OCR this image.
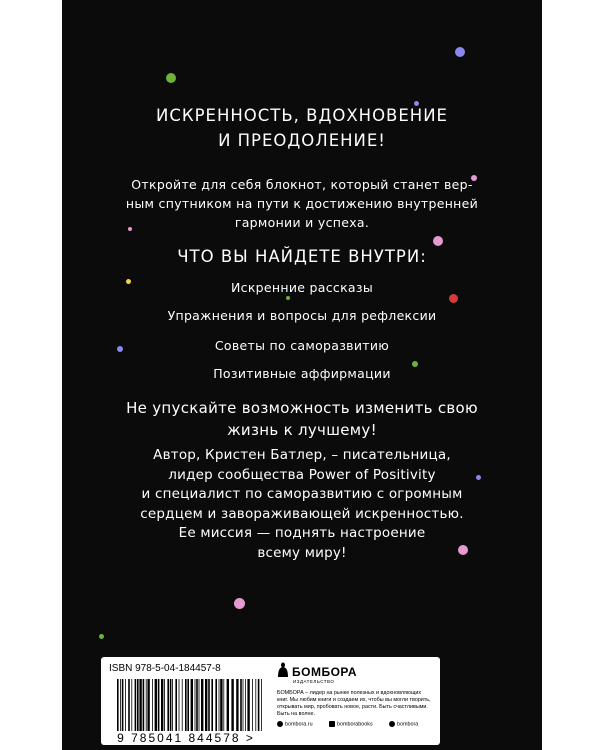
ИСКРЕННОСТЬ, ВДОХНОВЕНИЕ
И ПРЕОДОЛЕНИЕ!
Откройте для себя блокнот, который станет вер-
ным спутником на пути к достижению внутренней
гармонии и успеха.
ЧТО ВЫ НАЙДЕТЕ ВНУТРИ:
Искренние рассказы
Упражнения и вопросы для рефлексии
Советы по саморазвитию
Позитивные аффирмации
Не упускайте возможность изменить свою
жизнь к лучшему!
Автор, Кристен Батлер, – писательница,
лидер сообщества Power of Positivity
и специалист по саморазвитию с огромным
сердцем и завораживающей искренностью.
Ее миссия — поднять настроение
всему миру!
ISBN 978-5-04-184457-8
9 785041 844578 >
БОМБОРА
ИЗДАТЕЛЬСТВО
БОМБОРА – лидер на рынке полезных и вдохновляющих книг. Мы любим книги и создаем их, чтобы вы могли творить, открывать мир, пробовать новое, расти. Быть счастливыми. Быть на волне.
bombora.ru	bomborabooks	bombora
